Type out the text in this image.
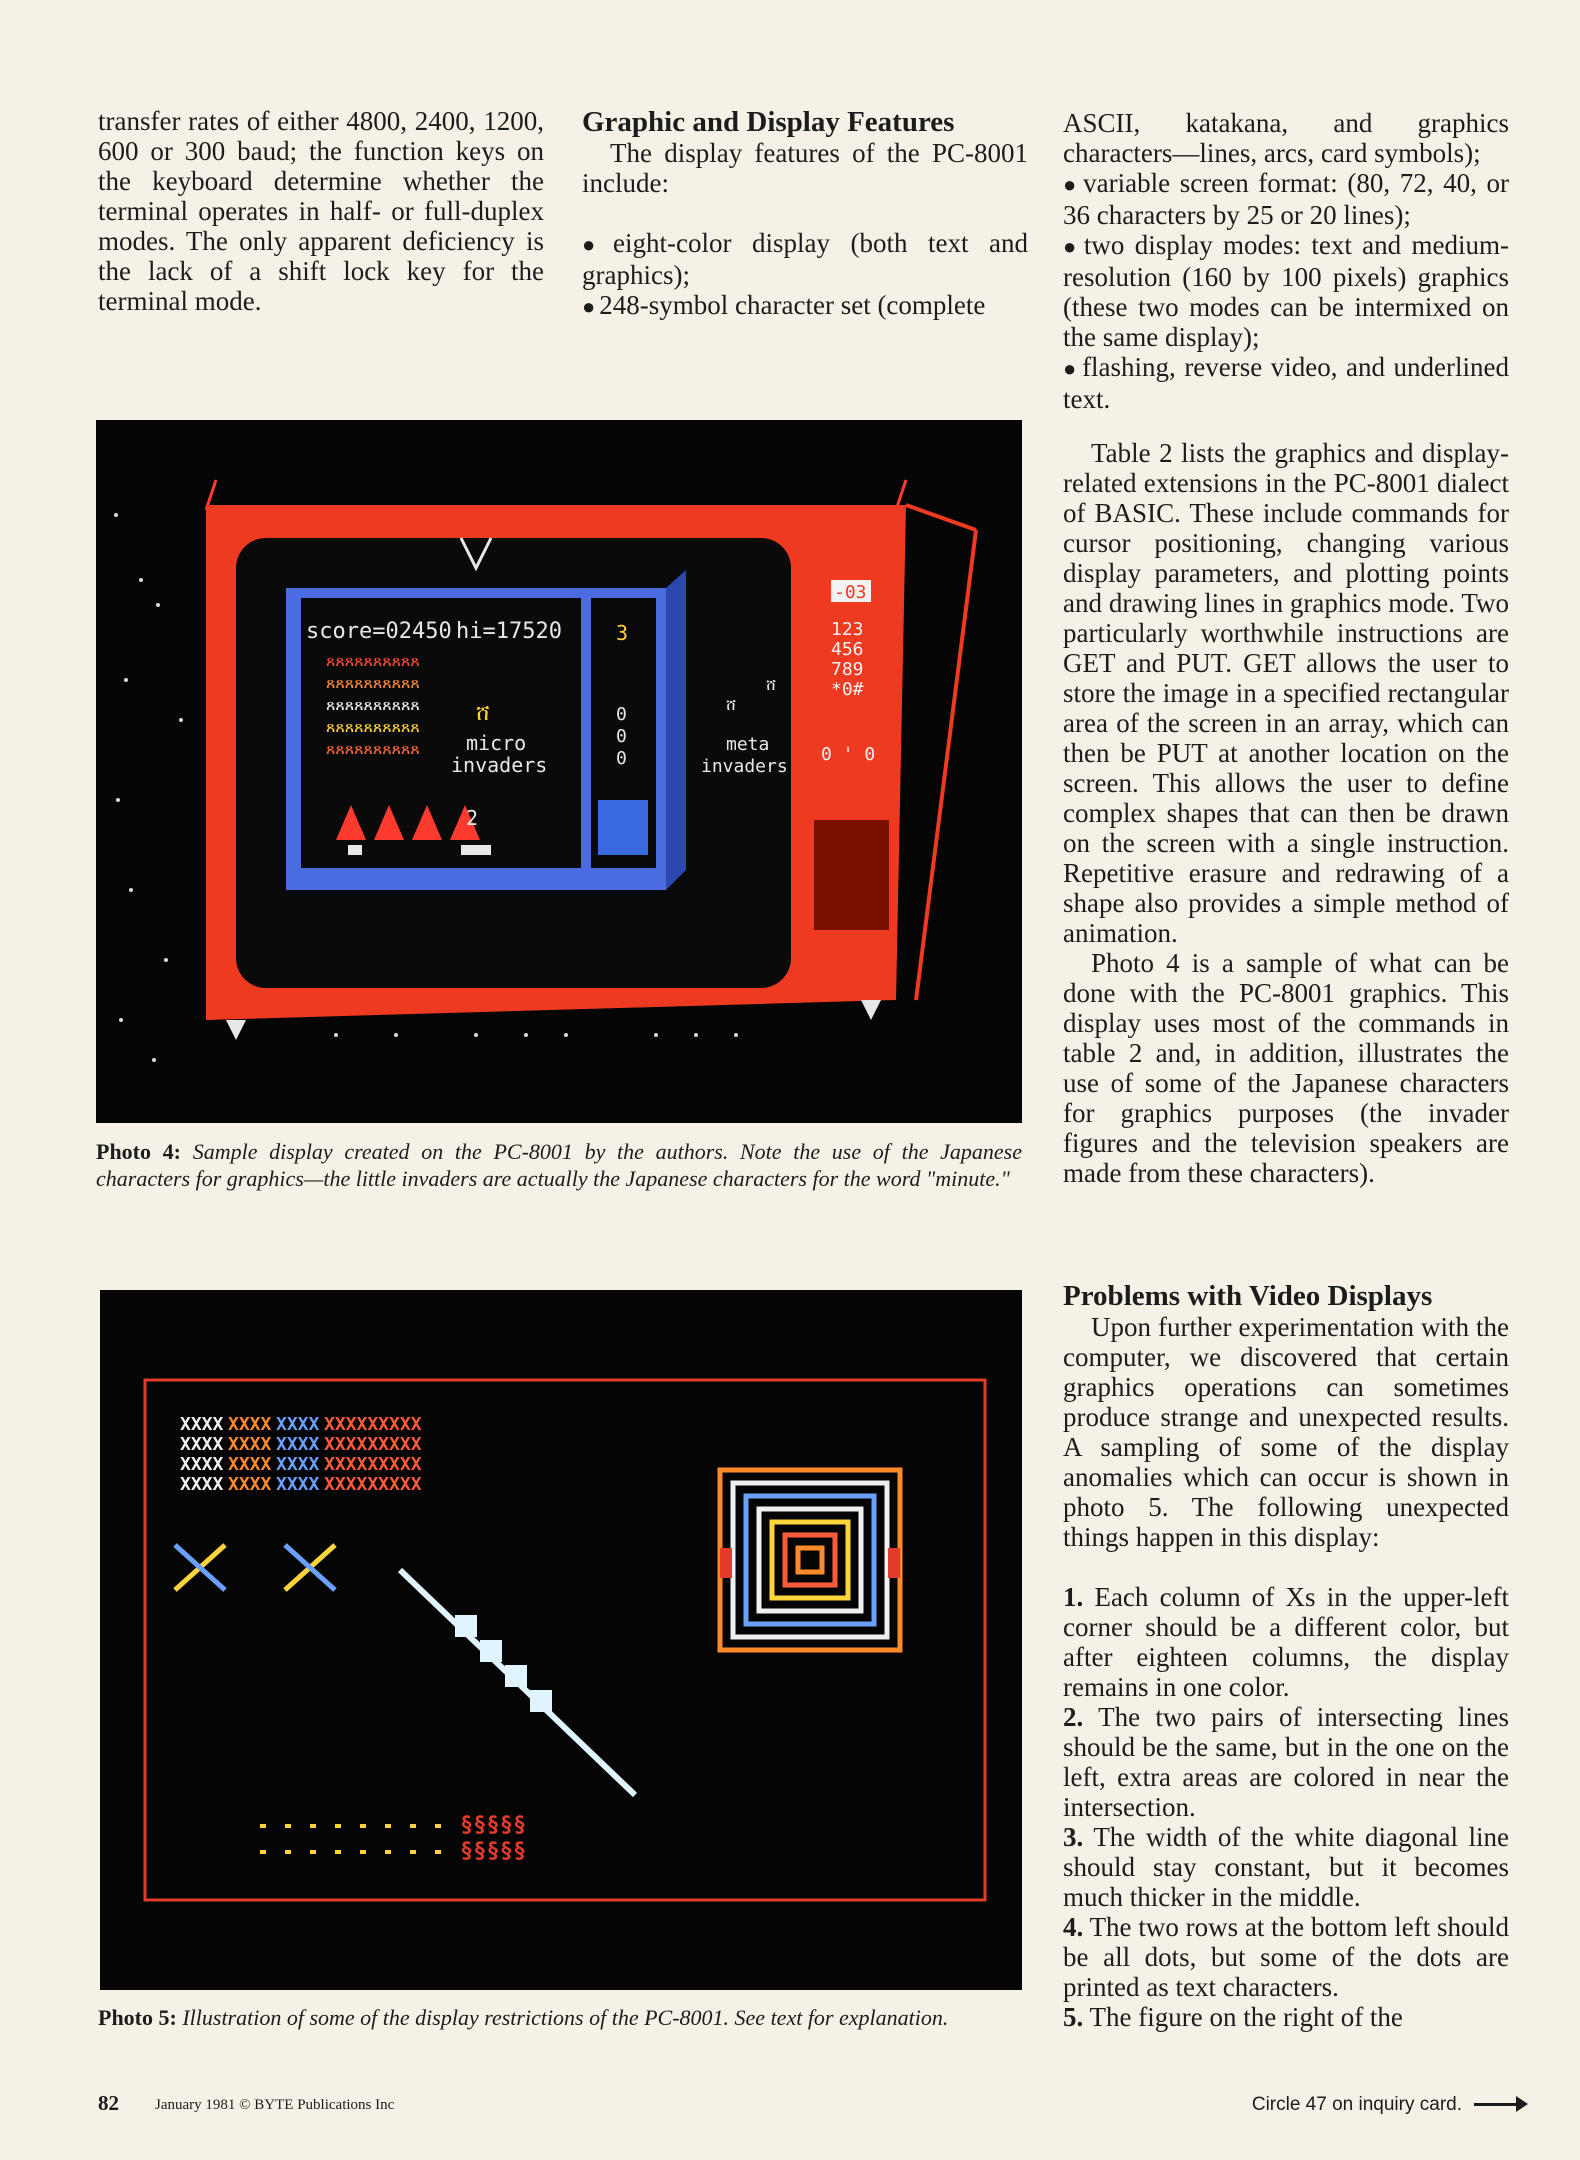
transfer rates of either 4800, 2400, 1200, 600 or 300 baud; the function keys on the keyboard determine whether the terminal operates in half- or full-duplex modes. The only apparent deficiency is the lack of a shift lock key for the terminal mode.

Graphic and Display Features

The display features of the PC-8001 include:

● eight-color display (both text and graphics);

● 248-symbol character set (complete

ASCII, katakana, and graphics characters—lines, arcs, card symbols);

● variable screen format: (80, 72, 40, or 36 characters by 25 or 20 lines);

● two display modes: text and medium-resolution (160 by 100 pixels) graphics (these two modes can be intermixed on the same display);

● flashing, reverse video, and underlined text.

Table 2 lists the graphics and display-related extensions in the PC-8001 dialect of BASIC. These include commands for cursor positioning, changing various display parameters, and plotting points and drawing lines in graphics mode. Two particularly worthwhile instructions are GET and PUT. GET allows the user to store the image in a specified rectangular area of the screen in an array, which can then be PUT at another location on the screen. This allows the user to define complex shapes that can then be drawn on the screen with a single instruction. Repetitive erasure and redrawing of a shape also provides a simple method of animation.

Photo 4 is a sample of what can be done with the PC-8001 graphics. This display uses most of the commands in table 2 and, in addition, illustrates the use of some of the Japanese characters for graphics purposes (the invader figures and the television speakers are made from these characters).

Problems with Video Displays

Upon further experimentation with the computer, we discovered that certain graphics operations can sometimes produce strange and unexpected results. A sampling of some of the display anomalies which can occur is shown in photo 5. The following unexpected things happen in this display:

1. Each column of Xs in the upper-left corner should be a different color, but after eighteen columns, the display remains in one color.

2. The two pairs of intersecting lines should be the same, but in the one on the left, extra areas are colored in near the intersection.

3. The width of the white diagonal line should stay constant, but it becomes much thicker in the middle.

4. The two rows at the bottom left should be all dots, but some of the dots are printed as text characters.

5. The figure on the right of the

score=02450 hi=17520
ጸጸጸጸጸጸጸጸጸጸ
ጸጸጸጸጸጸጸጸጸጸ
ጸጸጸጸጸጸጸጸጸጸ
ጸጸጸጸጸጸጸጸጸጸ
ጸጸጸጸጸጸጸጸጸጸ
ሸ
micro
invaders
2
3
0
0
0
ሸ
ሸ
meta
invaders
-03
123
456
789
*0#
0 ' 0
Photo 4: Sample display created on the PC-8001 by the authors. Note the use of the Japanese characters for graphics—the little invaders are actually the Japanese characters for the word "minute."
XXXX XXXX XXXX XXXXXXXXX
XXXX XXXX XXXX XXXXXXXXX
XXXX XXXX XXXX XXXXXXXXX
XXXX XXXX XXXX XXXXXXXXX
§§§§§
§§§§§
Photo 5: Illustration of some of the display restrictions of the PC-8001. See text for explanation.
82 January 1981 © BYTE Publications Inc	Circle 47 on inquiry card.
